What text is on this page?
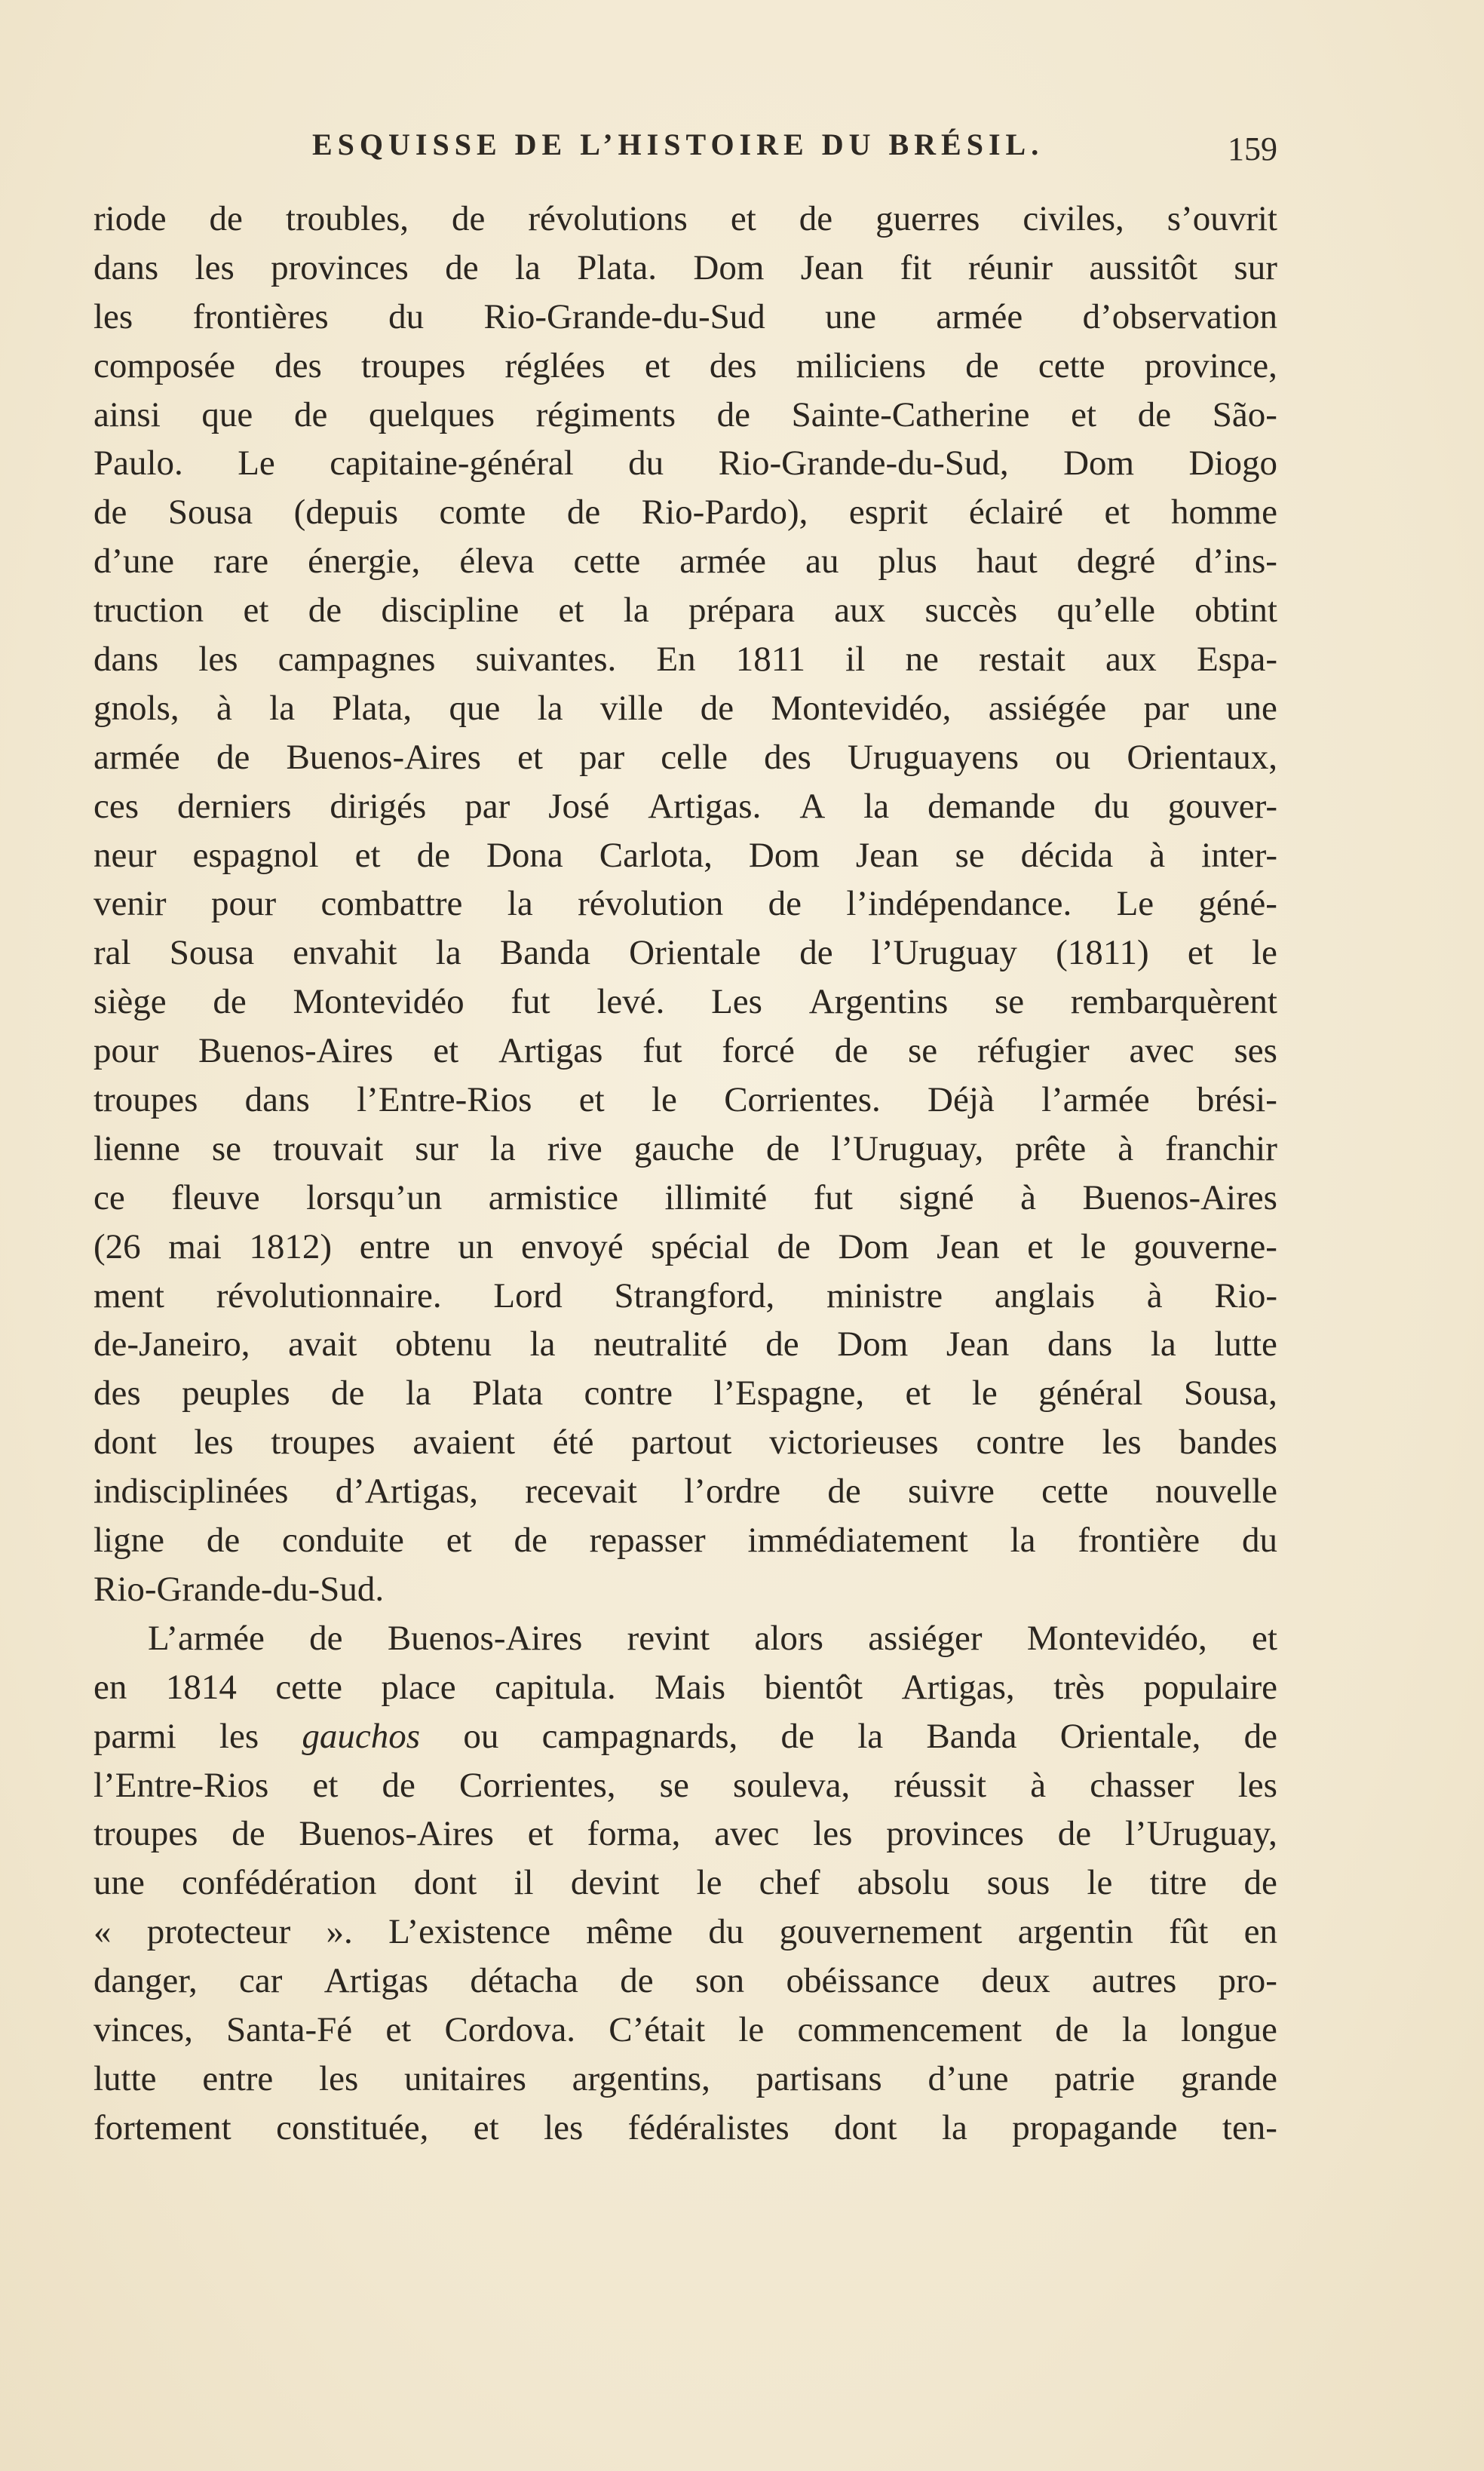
ESQUISSE DE L’HISTOIRE DU BRÉSIL.	159
riode de troubles, de révolutions et de guerres civiles, s’ouvrit
dans les provinces de la Plata. Dom Jean fit réunir aussitôt sur
les frontières du Rio-Grande-du-Sud une armée d’observation
composée des troupes réglées et des miliciens de cette province,
ainsi que de quelques régiments de Sainte-Catherine et de São-
Paulo. Le capitaine-général du Rio-Grande-du-Sud, Dom Diogo
de Sousa (depuis comte de Rio-Pardo), esprit éclairé et homme
d’une rare énergie, éleva cette armée au plus haut degré d’ins-
truction et de discipline et la prépara aux succès qu’elle obtint
dans les campagnes suivantes. En 1811 il ne restait aux Espa-
gnols, à la Plata, que la ville de Montevidéo, assiégée par une
armée de Buenos-Aires et par celle des Uruguayens ou Orientaux,
ces derniers dirigés par José Artigas. A la demande du gouver-
neur espagnol et de Dona Carlota, Dom Jean se décida à inter-
venir pour combattre la révolution de l’indépendance. Le géné-
ral Sousa envahit la Banda Orientale de l’Uruguay (1811) et le
siège de Montevidéo fut levé. Les Argentins se rembarquèrent
pour Buenos-Aires et Artigas fut forcé de se réfugier avec ses
troupes dans l’Entre-Rios et le Corrientes. Déjà l’armée brési-
lienne se trouvait sur la rive gauche de l’Uruguay, prête à franchir
ce fleuve lorsqu’un armistice illimité fut signé à Buenos-Aires
(26 mai 1812) entre un envoyé spécial de Dom Jean et le gouverne-
ment révolutionnaire. Lord Strangford, ministre anglais à Rio-
de-Janeiro, avait obtenu la neutralité de Dom Jean dans la lutte
des peuples de la Plata contre l’Espagne, et le général Sousa,
dont les troupes avaient été partout victorieuses contre les bandes
indisciplinées d’Artigas, recevait l’ordre de suivre cette nouvelle
ligne de conduite et de repasser immédiatement la frontière du
Rio-Grande-du-Sud.
L’armée de Buenos-Aires revint alors assiéger Montevidéo, et
en 1814 cette place capitula. Mais bientôt Artigas, très populaire
parmi les gauchos ou campagnards, de la Banda Orientale, de
l’Entre-Rios et de Corrientes, se souleva, réussit à chasser les
troupes de Buenos-Aires et forma, avec les provinces de l’Uruguay,
une confédération dont il devint le chef absolu sous le titre de
« protecteur ». L’existence même du gouvernement argentin fût en
danger, car Artigas détacha de son obéissance deux autres pro-
vinces, Santa-Fé et Cordova. C’était le commencement de la longue
lutte entre les unitaires argentins, partisans d’une patrie grande
fortement constituée, et les fédéralistes dont la propagande ten-
